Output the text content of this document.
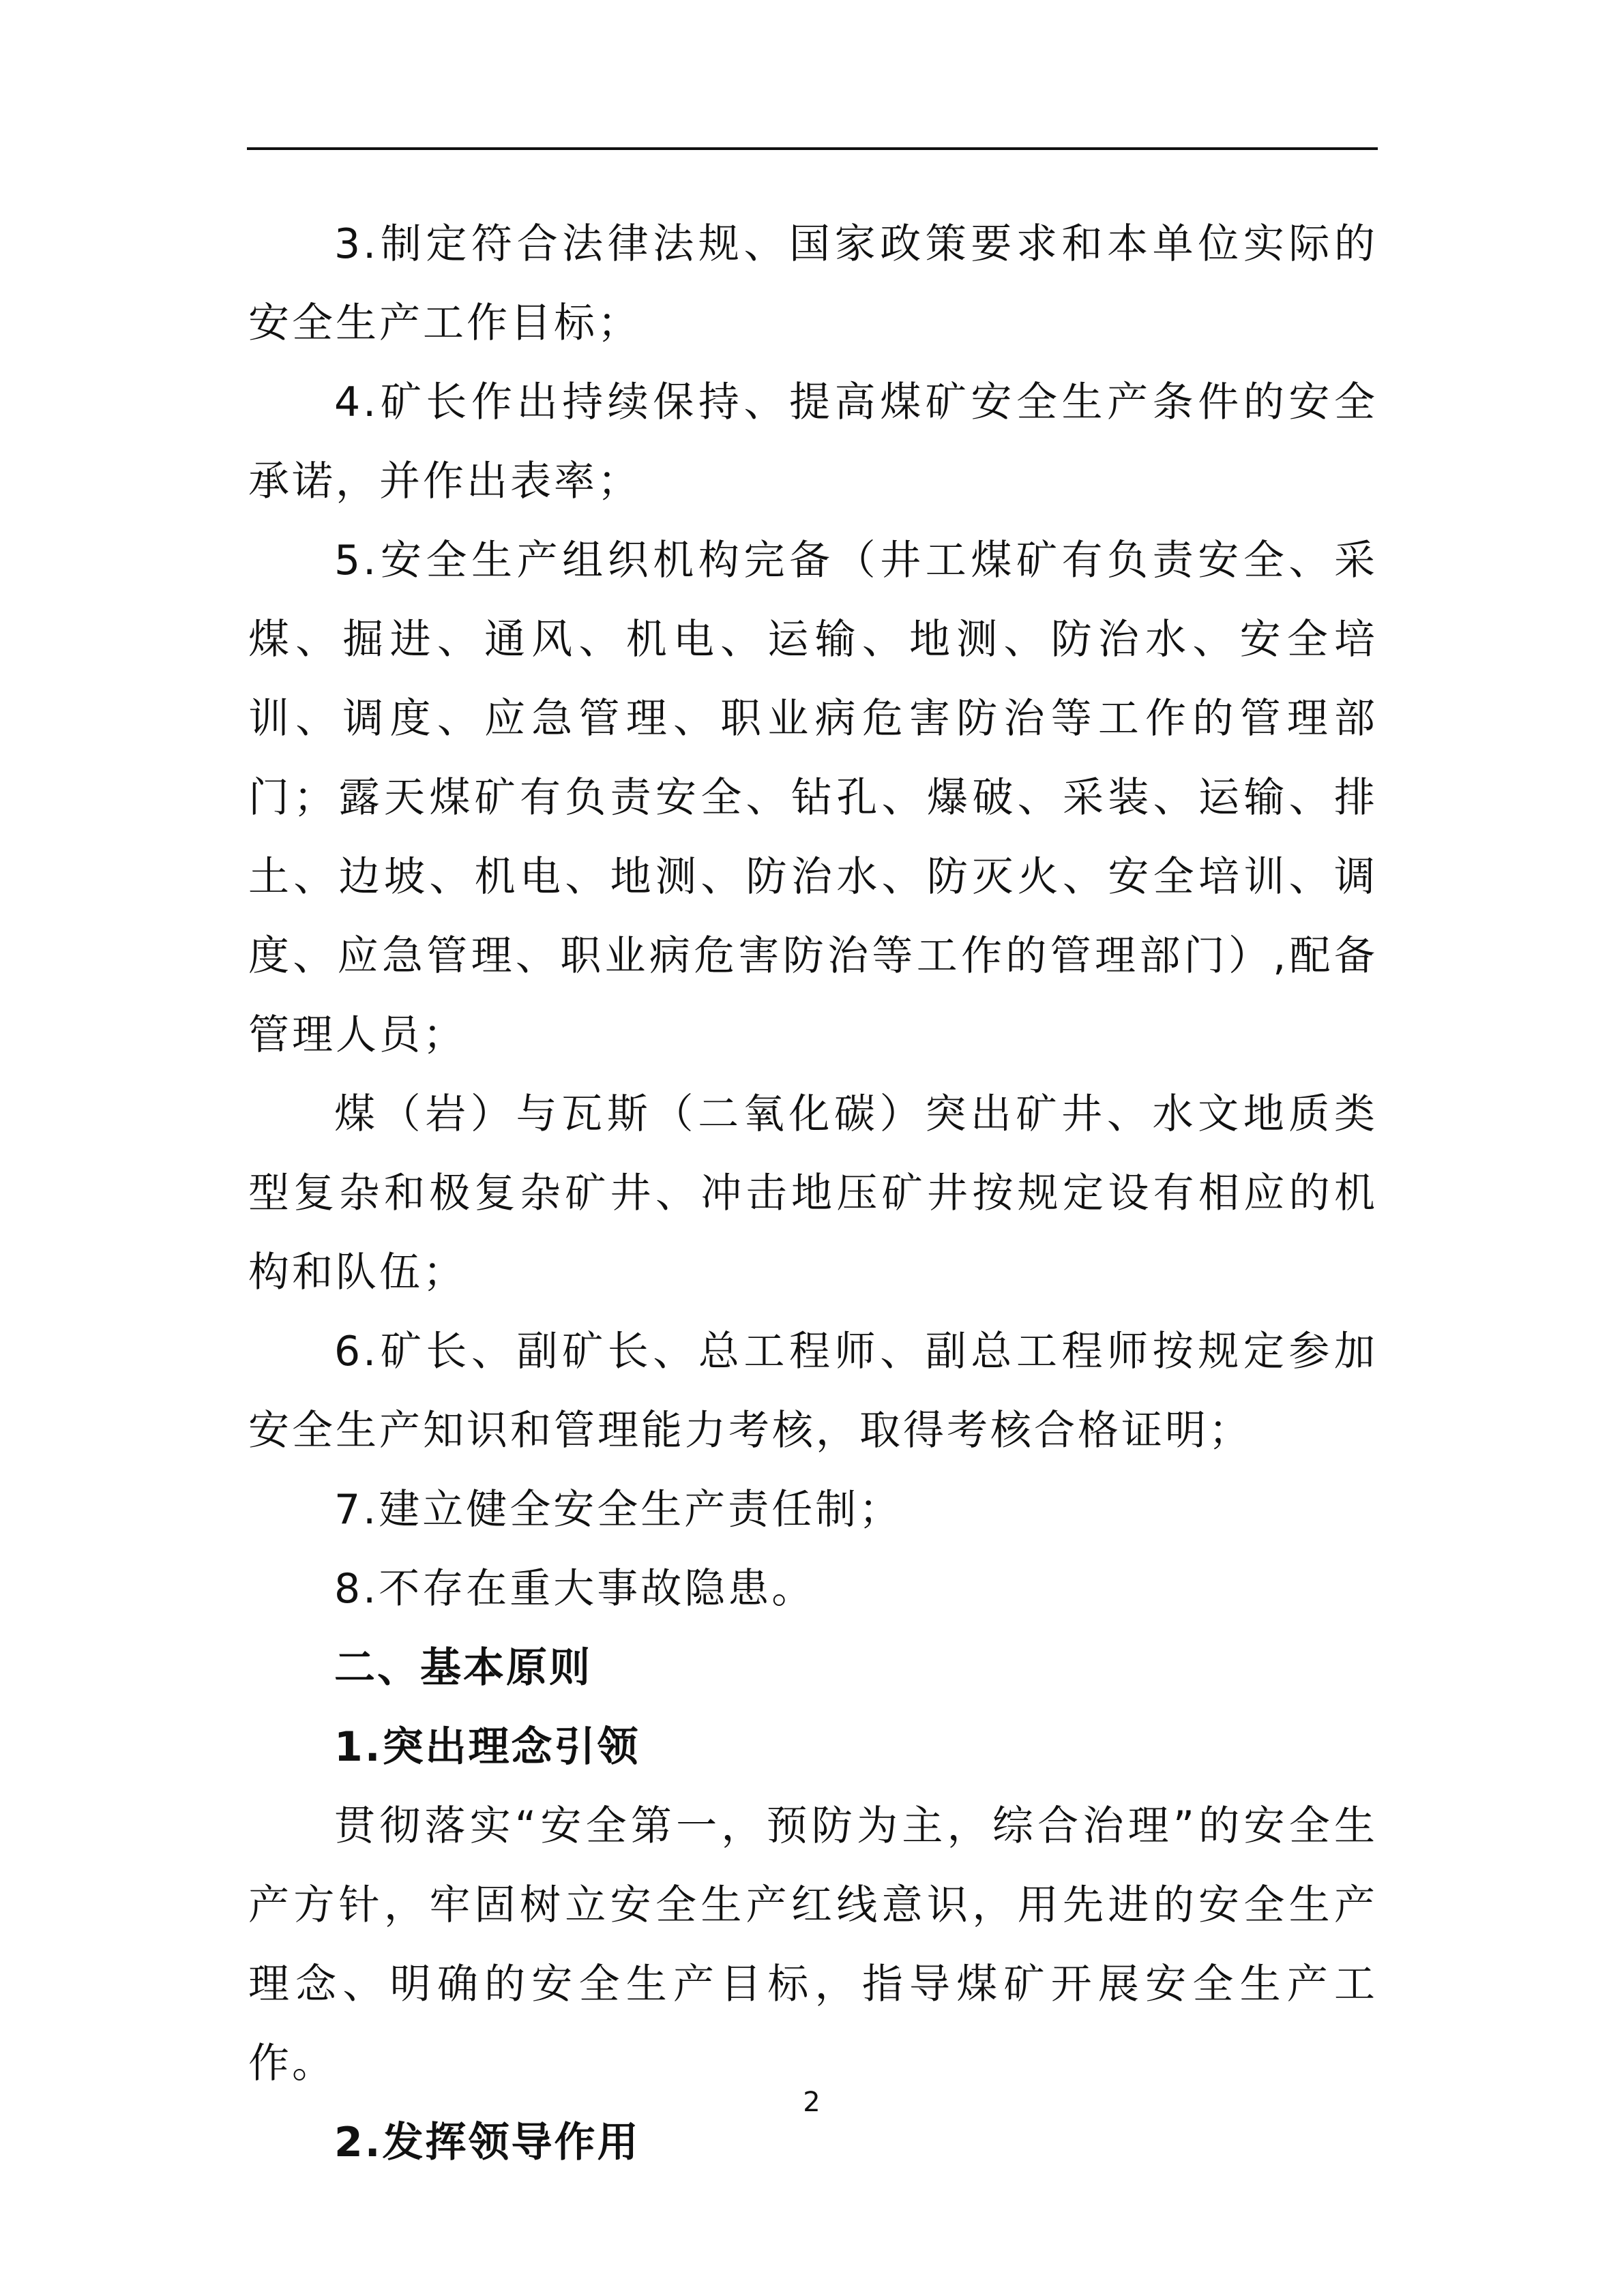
3.制定符合法律法规、国家政策要求和本单位实际的安全生产工作目标；

4.矿长作出持续保持、提高煤矿安全生产条件的安全承诺，并作出表率；

5.安全生产组织机构完备（井工煤矿有负责安全、采煤、掘进、通风、机电、运输、地测、防治水、安全培训、调度、应急管理、职业病危害防治等工作的管理部门；露天煤矿有负责安全、钻孔、爆破、采装、运输、排土、边坡、机电、地测、防治水、防灭火、安全培训、调度、应急管理、职业病危害防治等工作的管理部门）,配备管理人员；

煤（岩）与瓦斯（二氧化碳）突出矿井、水文地质类型复杂和极复杂矿井、冲击地压矿井按规定设有相应的机构和队伍；

6.矿长、副矿长、总工程师、副总工程师按规定参加安全生产知识和管理能力考核，取得考核合格证明；

7.建立健全安全生产责任制；

8.不存在重大事故隐患。

二、基本原则

1.突出理念引领

贯彻落实“安全第一，预防为主，综合治理”的安全生产方针，牢固树立安全生产红线意识，用先进的安全生产理念、明确的安全生产目标，指导煤矿开展安全生产工作。

2.发挥领导作用

2
